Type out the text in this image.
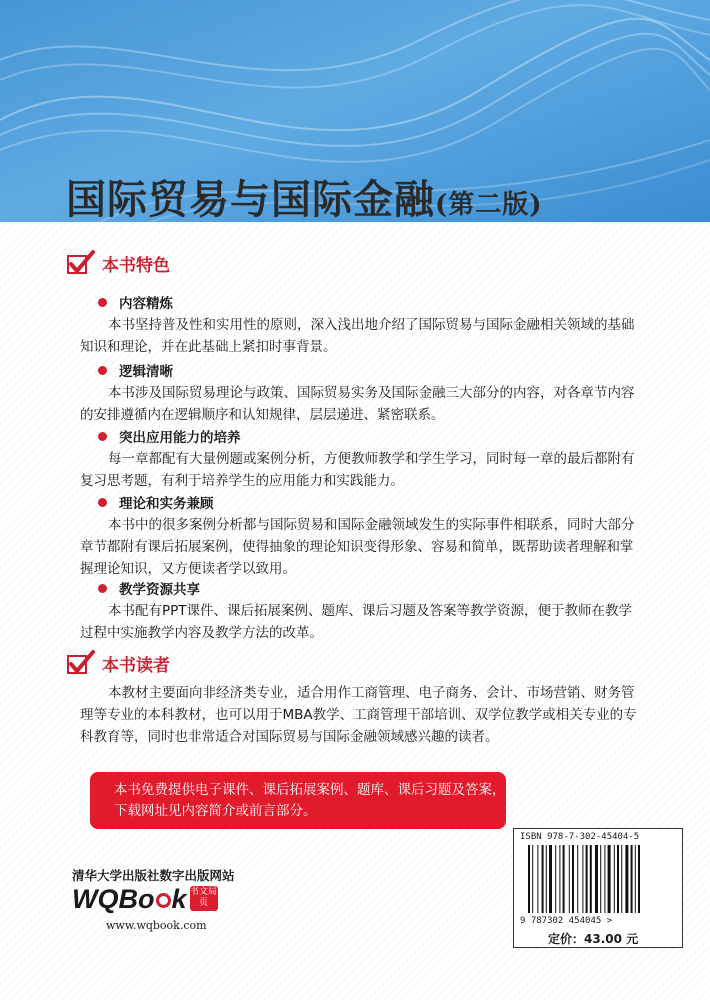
国际贸易与国际金融(第二版)
本书特色
内容精炼
本书坚持普及性和实用性的原则，深入浅出地介绍了国际贸易与国际金融相关领域的基础知识和理论，并在此基础上紧扣时事背景。
逻辑清晰
本书涉及国际贸易理论与政策、国际贸易实务及国际金融三大部分的内容，对各章节内容的安排遵循内在逻辑顺序和认知规律，层层递进、紧密联系。
突出应用能力的培养
每一章都配有大量例题或案例分析，方便教师教学和学生学习，同时每一章的最后都附有复习思考题，有利于培养学生的应用能力和实践能力。
理论和实务兼顾
本书中的很多案例分析都与国际贸易和国际金融领域发生的实际事件相联系，同时大部分章节都附有课后拓展案例，使得抽象的理论知识变得形象、容易和简单，既帮助读者理解和掌握理论知识，又方便读者学以致用。
教学资源共享
本书配有PPT课件、课后拓展案例、题库、课后习题及答案等教学资源，便于教师在教学过程中实施教学内容及教学方法的改革。
本书读者
本教材主要面向非经济类专业，适合用作工商管理、电子商务、会计、市场营销、财务管理等专业的本科教材，也可以用于MBA教学、工商管理干部培训、双学位教学或相关专业的专科教育等，同时也非常适合对国际贸易与国际金融领域感兴趣的读者。
本书免费提供电子课件、课后拓展案例、题库、课后习题及答案，
下载网址见内容简介或前言部分。
清华大学出版社数字出版网站
WQBo k 书文局页
www.wqbook.com
ISBN 978-7-302-45404-5
9 787302 454045 >
定价：43.00 元
